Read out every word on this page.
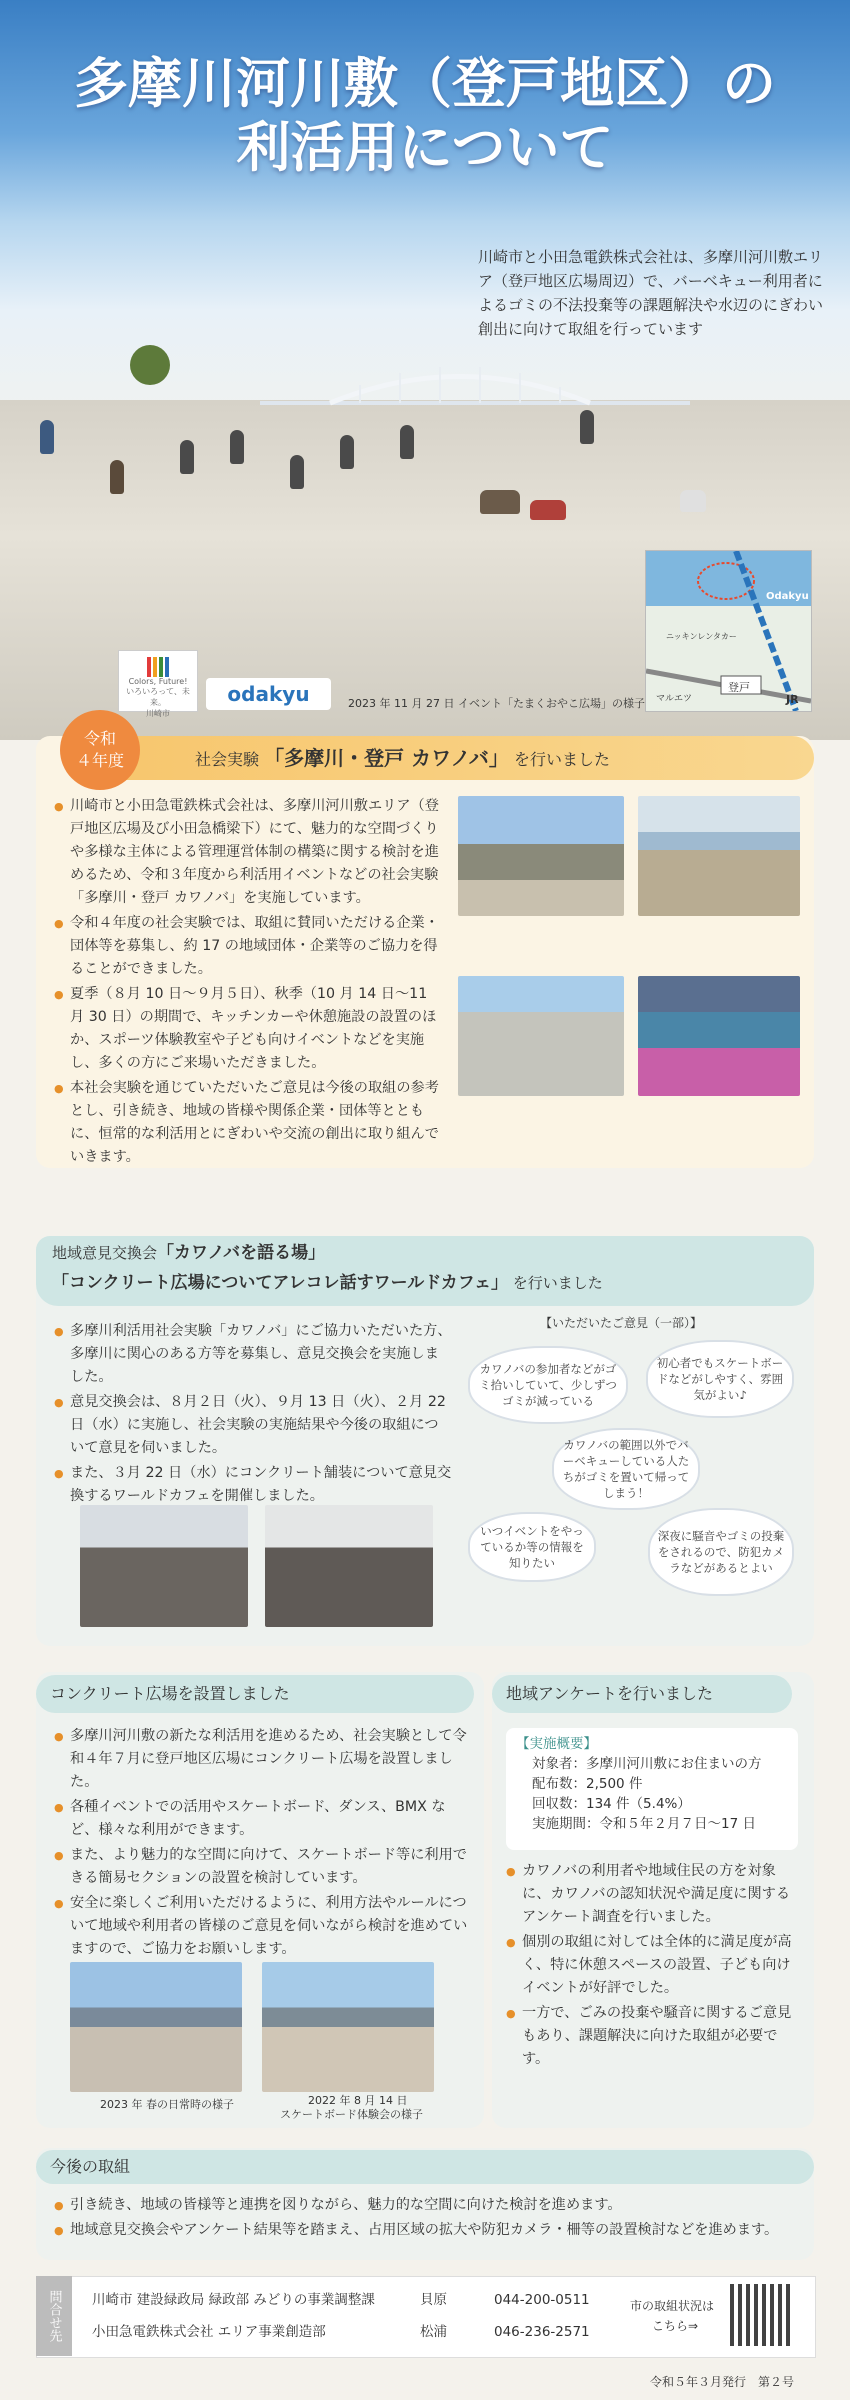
多摩川河川敷（登戸地区）の
利活用について
川崎市と小田急電鉄株式会社は、多摩川河川敷エリア（登戸地区広場周辺）で、バーベキュー利用者によるゴミの不法投棄等の課題解決や水辺のにぎわい創出に向けて取組を行っています
Colors, Future!
いろいろって、未来。
川崎市
odakyu	2023 年 11 月 27 日 イベント「たまくおやこ広場」の様子
Odakyu
ニッキンレンタカー
登戸
JR
マルエツ
令和
４年度	社会実験 「多摩川・登戸 カワノバ」 を行いました
● 川崎市と小田急電鉄株式会社は、多摩川河川敷エリア（登戸地区広場及び小田急橋梁下）にて、魅力的な空間づくりや多様な主体による管理運営体制の構築に関する検討を進めるため、令和３年度から利活用イベントなどの社会実験「多摩川・登戸 カワノバ」を実施しています。
● 令和４年度の社会実験では、取組に賛同いただける企業・団体等を募集し、約 17 の地域団体・企業等のご協力を得ることができました。
● 夏季（８月 10 日～９月５日）、秋季（10 月 14 日～11 月 30 日）の期間で、キッチンカーや休憩施設の設置のほか、スポーツ体験教室や子ども向けイベントなどを実施し、多くの方にご来場いただきました。
● 本社会実験を通じていただいたご意見は今後の取組の参考とし、引き続き、地域の皆様や関係企業・団体等とともに、恒常的な利活用とにぎわいや交流の創出に取り組んでいきます。
地域意見交換会「カワノバを語る場」
「コンクリート広場についてアレコレ話すワールドカフェ」 を行いました
● 多摩川利活用社会実験「カワノバ」にご協力いただいた方、多摩川に関心のある方等を募集し、意見交換会を実施しました。
● 意見交換会は、８月２日（火）、９月 13 日（火）、２月 22 日（水）に実施し、社会実験の実施結果や今後の取組について意見を伺いました。
● また、３月 22 日（水）にコンクリート舗装について意見交換するワールドカフェを開催しました。
【いただいたご意見（一部）】
カワノバの参加者などがゴミ拾いしていて、少しずつゴミが減っている
初心者でもスケートボードなどがしやすく、雰囲気がよい♪
カワノバの範囲以外でバーベキューしている人たちがゴミを置いて帰ってしまう！
いつイベントをやっているか等の情報を知りたい
深夜に騒音やゴミの投棄をされるので、防犯カメラなどがあるとよい
コンクリート広場を設置しました
● 多摩川河川敷の新たな利活用を進めるため、社会実験として令和４年７月に登戸地区広場にコンクリート広場を設置しました。
● 各種イベントでの活用やスケートボード、ダンス、BMX など、様々な利用ができます。
● また、より魅力的な空間に向けて、スケートボード等に利用できる簡易セクションの設置を検討しています。
● 安全に楽しくご利用いただけるように、利用方法やルールについて地域や利用者の皆様のご意見を伺いながら検討を進めていますので、ご協力をお願いします。
2023 年 春の日常時の様子	2022 年 8 月 14 日
スケートボード体験会の様子
地域アンケートを行いました
【実施概要】
対象者：多摩川河川敷にお住まいの方
配布数：2,500 件
回収数：134 件（5.4%）
実施期間：令和５年２月７日～17 日
● カワノバの利用者や地域住民の方を対象に、カワノバの認知状況や満足度に関するアンケート調査を行いました。
● 個別の取組に対しては全体的に満足度が高く、特に休憩スペースの設置、子ども向けイベントが好評でした。
● 一方で、ごみの投棄や騒音に関するご意見もあり、課題解決に向けた取組が必要です。
今後の取組
● 引き続き、地域の皆様等と連携を図りながら、魅力的な空間に向けた検討を進めます。
● 地域意見交換会やアンケート結果等を踏まえ、占用区域の拡大や防犯カメラ・柵等の設置検討などを進めます。
問合せ先	川崎市 建設緑政局 緑政部 みどりの事業調整課	貝原	044-200-0511
小田急電鉄株式会社 エリア事業創造部	松浦	046-236-2571
市の取組状況は
こちら⇒
令和５年３月発行　第２号
